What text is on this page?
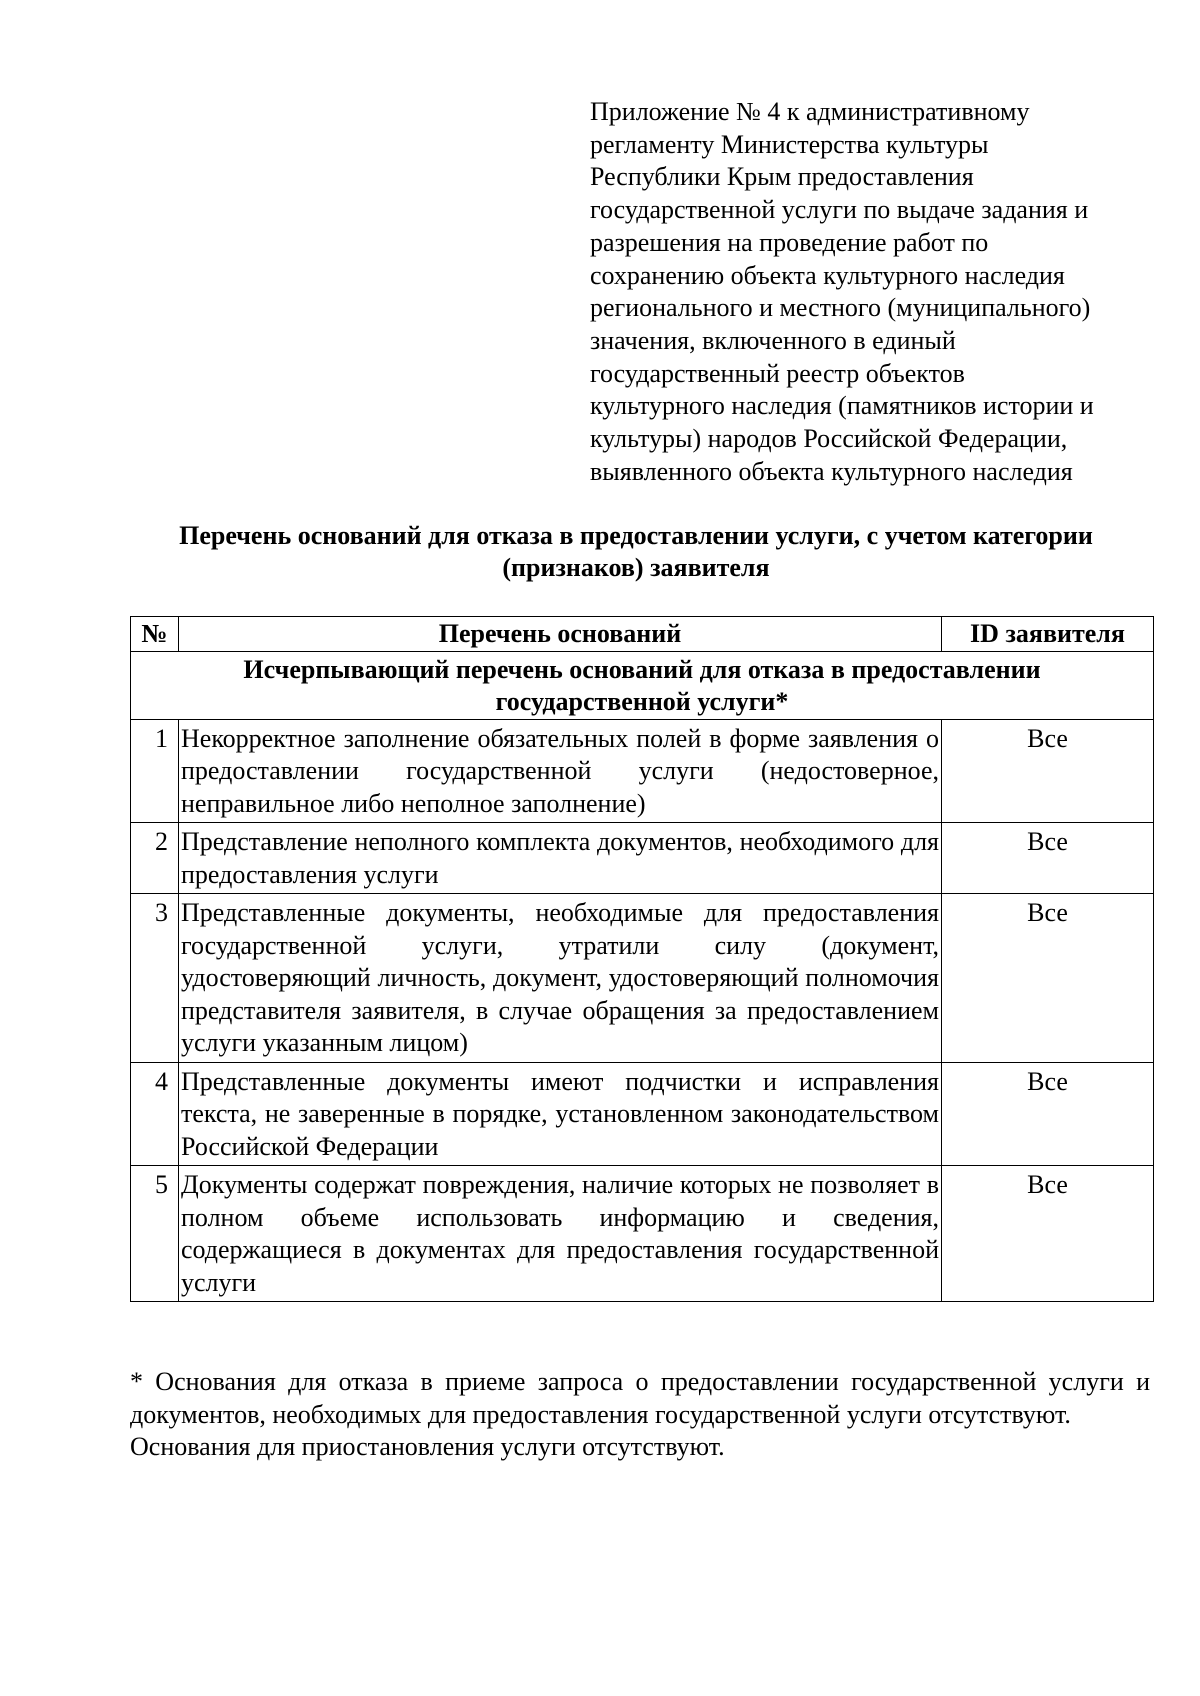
Приложение № 4 к административному
регламенту Министерства культуры
Республики Крым предоставления
государственной услуги по выдаче задания и
разрешения на проведение работ по
сохранению объекта культурного наследия
регионального и местного (муниципального)
значения, включенного в единый
государственный реестр объектов
культурного наследия (памятников истории и
культуры) народов Российской Федерации,
выявленного объекта культурного наследия
Перечень оснований для отказа в предоставлении услуги, с учетом категории (признаков) заявителя
№	Перечень оснований	ID заявителя
Исчерпывающий перечень оснований для отказа в предоставлении государственной услуги*		
1	Некорректное заполнение обязательных полей в форме заявления о предоставлении государственной услуги (недостоверное, неправильное либо неполное заполнение)	Все
2	Представление неполного комплекта документов, необходимого для предоставления услуги	Все
3	Представленные документы, необходимые для предоставления государственной услуги, утратили силу (документ, удостоверяющий личность, документ, удостоверяющий полномочия представителя заявителя, в случае обращения за предоставлением услуги указанным лицом)	Все
4	Представленные документы имеют подчистки и исправления текста, не заверенные в порядке, установленном законодательством Российской Федерации	Все
5	Документы содержат повреждения, наличие которых не позволяет в полном объеме использовать информацию и сведения, содержащиеся в документах для предоставления государственной услуги	Все

* Основания для отказа в приеме запроса о предоставлении государственной услуги и документов, необходимых для предоставления государственной услуги отсутствуют.

Основания для приостановления услуги отсутствуют.
